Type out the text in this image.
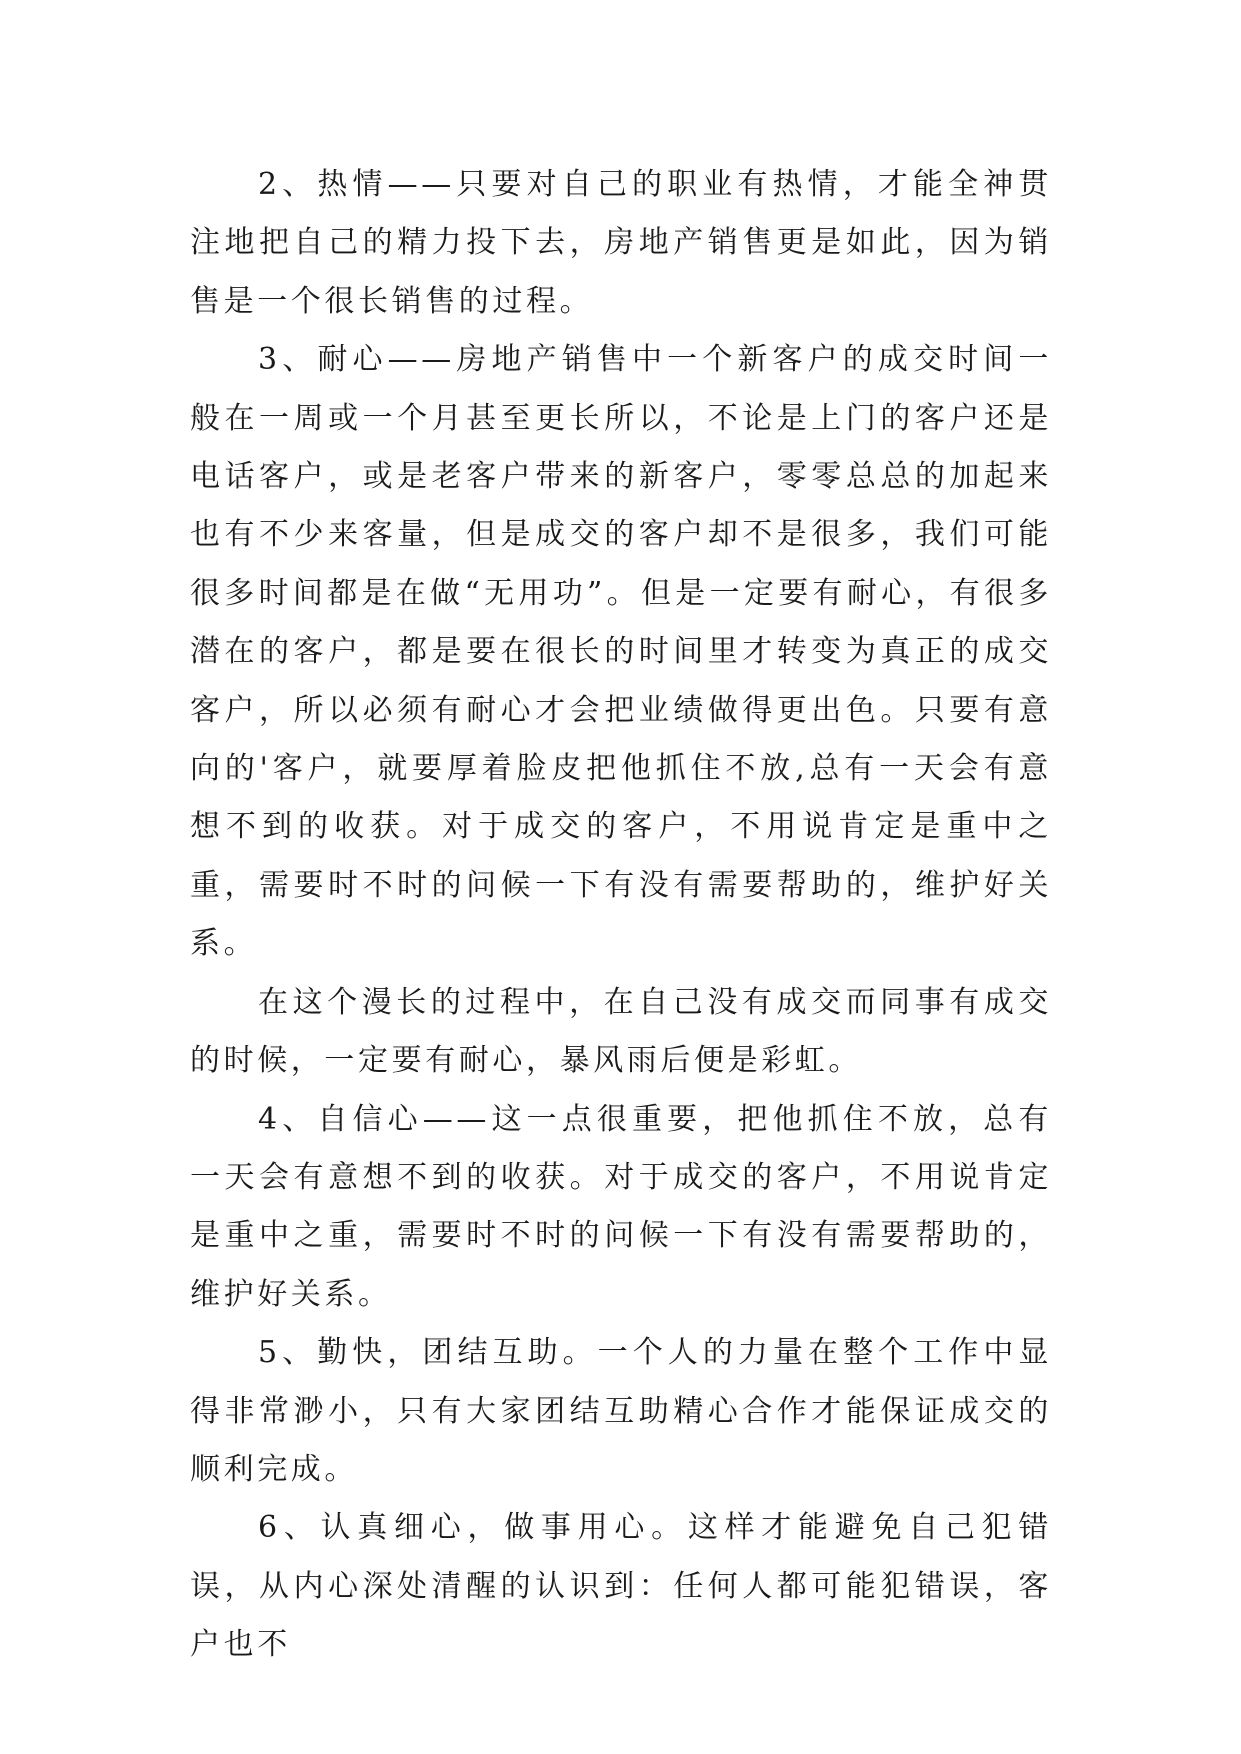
2、热情——只要对自己的职业有热情，才能全神贯注地把自己的精力投下去，房地产销售更是如此，因为销售是一个很长销售的过程。

3、耐心——房地产销售中一个新客户的成交时间一般在一周或一个月甚至更长所以，不论是上门的客户还是电话客户，或是老客户带来的新客户，零零总总的加起来也有不少来客量，但是成交的客户却不是很多，我们可能很多时间都是在做“无用功”。但是一定要有耐心，有很多潜在的客户，都是要在很长的时间里才转变为真正的成交客户，所以必须有耐心才会把业绩做得更出色。只要有意向的'客户，就要厚着脸皮把他抓住不放,总有一天会有意想不到的收获。对于成交的客户，不用说肯定是重中之重，需要时不时的问候一下有没有需要帮助的，维护好关系。

在这个漫长的过程中，在自己没有成交而同事有成交的时候，一定要有耐心，暴风雨后便是彩虹。

4、自信心——这一点很重要，把他抓住不放，总有一天会有意想不到的收获。对于成交的客户，不用说肯定是重中之重，需要时不时的问候一下有没有需要帮助的，维护好关系。

5、勤快，团结互助。一个人的力量在整个工作中显得非常渺小，只有大家团结互助精心合作才能保证成交的顺利完成。

6、认真细心，做事用心。这样才能避免自己犯错误，从内心深处清醒的认识到：任何人都可能犯错误，客户也不
